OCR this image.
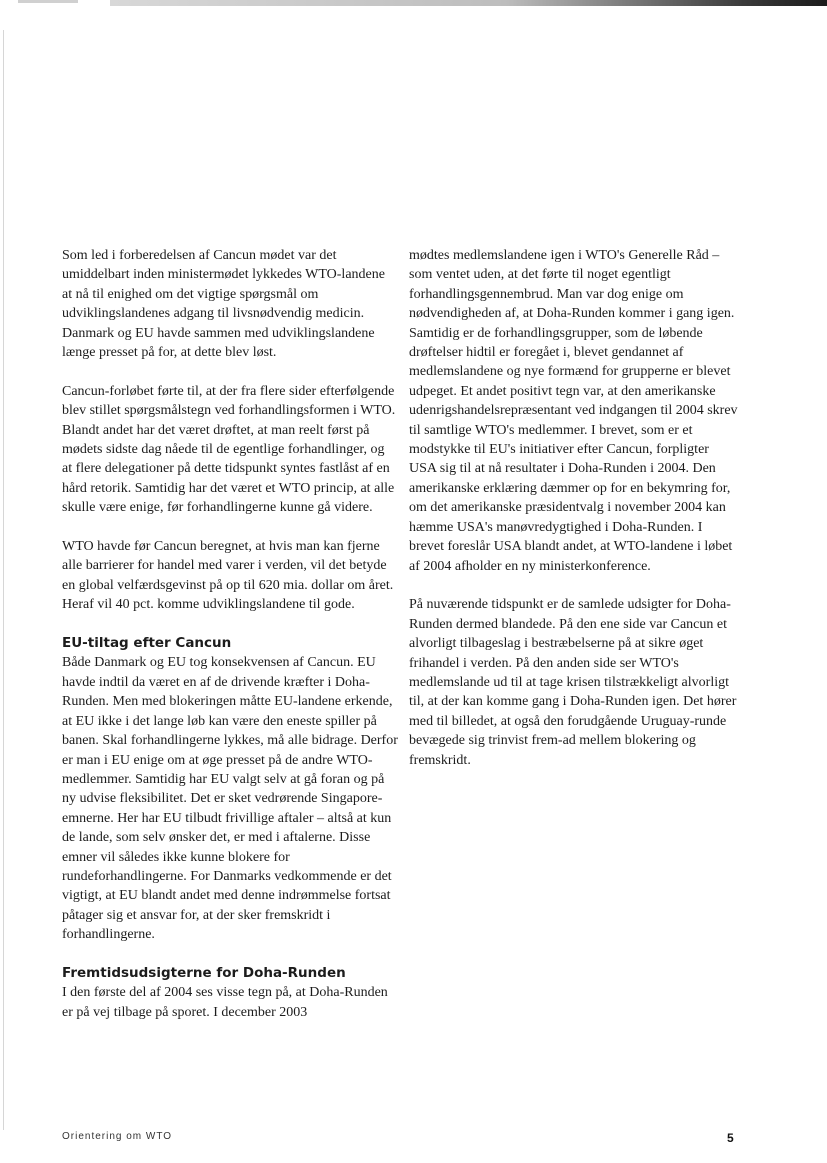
Som led i forberedelsen af Cancun mødet var det umiddelbart inden ministermødet lykkedes WTO-landene at nå til enighed om det vigtige spørgsmål om udviklingslandenes adgang til livsnødvendig medicin. Danmark og EU havde sammen med udviklingslandene længe presset på for, at dette blev løst.

Cancun-forløbet førte til, at der fra flere sider efterfølgende blev stillet spørgsmålstegn ved forhandlingsformen i WTO. Blandt andet har det været drøftet, at man reelt først på mødets sidste dag nåede til de egentlige forhandlinger, og at flere delegationer på dette tidspunkt syntes fastlåst af en hård retorik. Samtidig har det været et WTO princip, at alle skulle være enige, før forhandlingerne kunne gå videre.

WTO havde før Cancun beregnet, at hvis man kan fjerne alle barrierer for handel med varer i verden, vil det betyde en global velfærdsgevinst på op til 620 mia. dollar om året. Heraf vil 40 pct. komme udviklingslandene til gode.

EU-tiltag efter Cancun

Både Danmark og EU tog konsekvensen af Cancun. EU havde indtil da været en af de drivende kræfter i Doha-Runden. Men med blokeringen måtte EU-landene erkende, at EU ikke i det lange løb kan være den eneste spiller på banen. Skal forhandlingerne lykkes, må alle bidrage. Derfor er man i EU enige om at øge presset på de andre WTO-medlemmer. Samtidig har EU valgt selv at gå foran og på ny udvise fleksibilitet. Det er sket vedrørende Singapore-emnerne. Her har EU tilbudt frivillige aftaler – altså at kun de lande, som selv ønsker det, er med i aftalerne. Disse emner vil således ikke kunne blokere for rundeforhandlingerne. For Danmarks vedkommende er det vigtigt, at EU blandt andet med denne indrømmelse fortsat påtager sig et ansvar for, at der sker fremskridt i forhandlingerne.

Fremtidsudsigterne for Doha-Runden

I den første del af 2004 ses visse tegn på, at Doha-Runden er på vej tilbage på sporet. I december 2003

mødtes medlemslandene igen i WTO's Generelle Råd – som ventet uden, at det førte til noget egentligt forhandlingsgennembrud. Man var dog enige om nødvendigheden af, at Doha-Runden kommer i gang igen. Samtidig er de forhandlingsgrupper, som de løbende drøftelser hidtil er foregået i, blevet gendannet af medlemslandene og nye formænd for grupperne er blevet udpeget. Et andet positivt tegn var, at den amerikanske udenrigshandelsrepræsentant ved indgangen til 2004 skrev til samtlige WTO's medlemmer. I brevet, som er et modstykke til EU's initiativer efter Cancun, forpligter USA sig til at nå resultater i Doha-Runden i 2004. Den amerikanske erklæring dæmmer op for en bekymring for, om det amerikanske præsidentvalg i november 2004 kan hæmme USA's manøvredygtighed i Doha-Runden. I brevet foreslår USA blandt andet, at WTO-landene i løbet af 2004 afholder en ny ministerkonference.

På nuværende tidspunkt er de samlede udsigter for Doha-Runden dermed blandede. På den ene side var Cancun et alvorligt tilbageslag i bestræbelserne på at sikre øget frihandel i verden. På den anden side ser WTO's medlemslande ud til at tage krisen tilstrækkeligt alvorligt til, at der kan komme gang i Doha-Runden igen. Det hører med til billedet, at også den forudgående Uruguay-runde bevægede sig trinvist frem-ad mellem blokering og fremskridt.

Orientering om WTO	5
